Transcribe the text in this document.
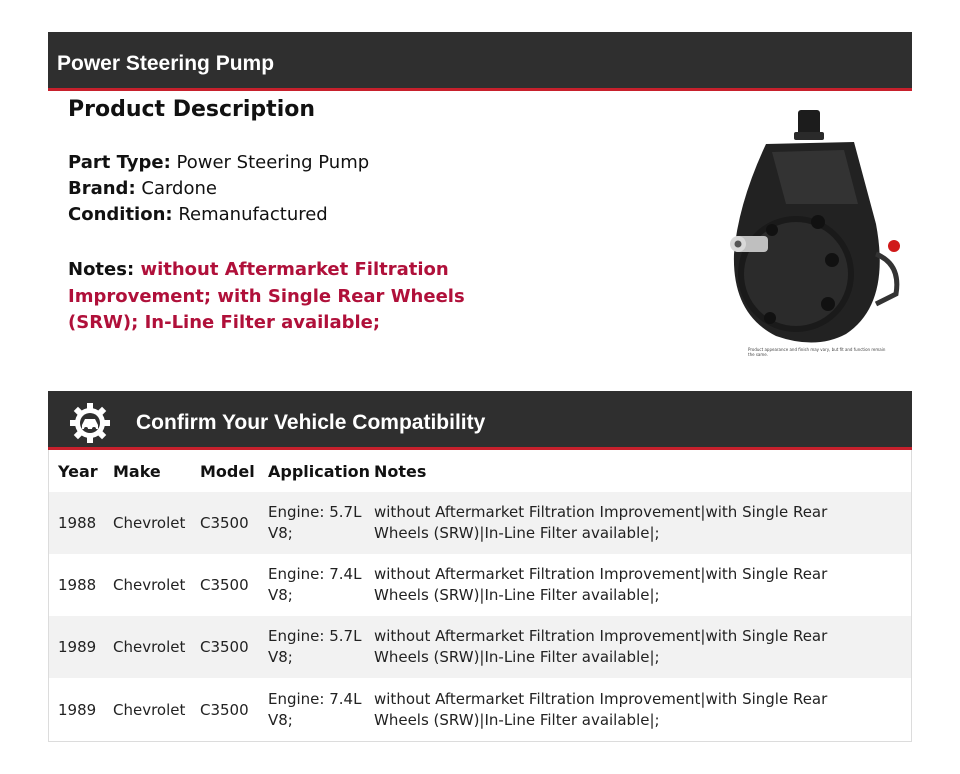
Power Steering Pump
Product Description
Part Type: Power Steering Pump
Brand: Cardone
Condition: Remanufactured
Notes: without Aftermarket Filtration Improvement; with Single Rear Wheels (SRW); In-Line Filter available;
Product appearance and finish may vary, but fit and function remain the same.
Confirm Your Vehicle Compatibility
Year Make Model Application Notes
1988 Chevrolet C3500
Engine: 5.7L V8;
without Aftermarket Filtration Improvement|with Single Rear Wheels (SRW)|In-Line Filter available|;
1988 Chevrolet C3500
Engine: 7.4L V8;
without Aftermarket Filtration Improvement|with Single Rear Wheels (SRW)|In-Line Filter available|;
1989 Chevrolet C3500
Engine: 5.7L V8;
without Aftermarket Filtration Improvement|with Single Rear Wheels (SRW)|In-Line Filter available|;
1989 Chevrolet C3500
Engine: 7.4L V8;
without Aftermarket Filtration Improvement|with Single Rear Wheels (SRW)|In-Line Filter available|;
